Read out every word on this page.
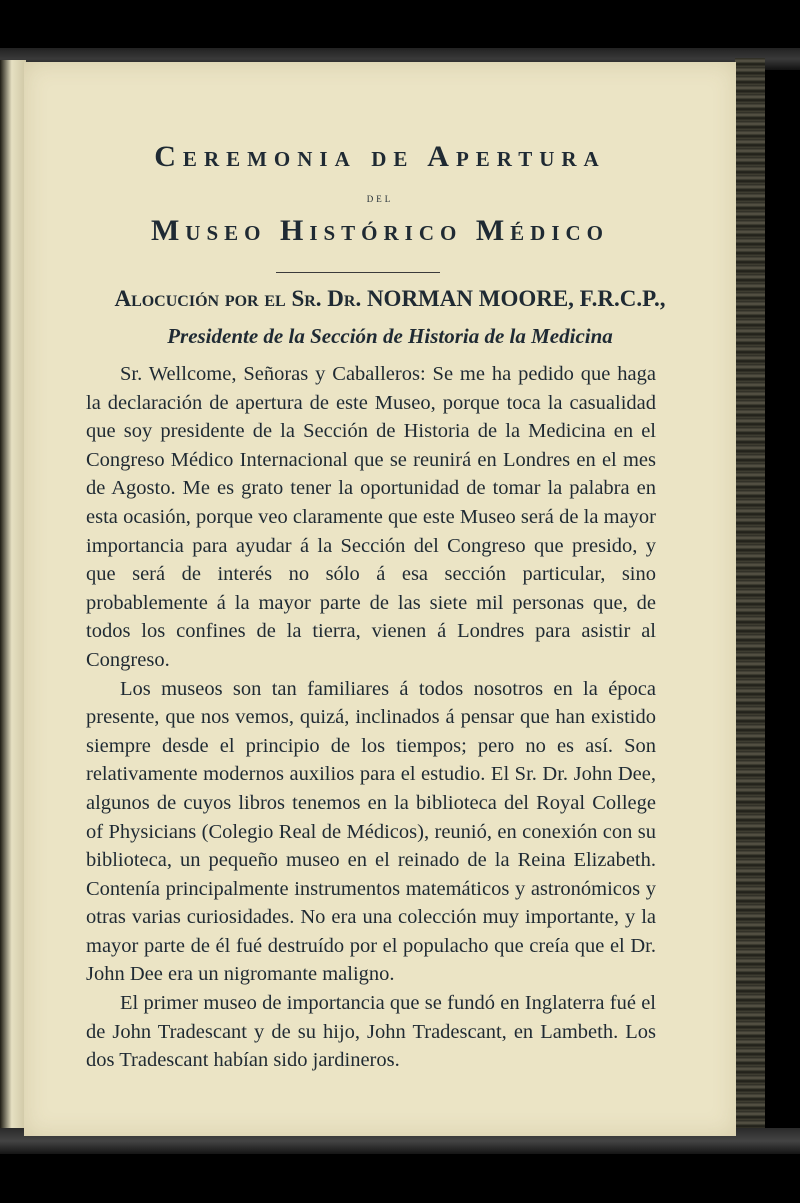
Ceremonia de Apertura
del
Museo Histórico Médico
Alocución por el Sr. Dr. NORMAN MOORE, F.R.C.P.,
Presidente de la Sección de Historia de la Medicina

Sr. Wellcome, Señoras y Caballeros: Se me ha pedido que haga la declaración de apertura de este Museo, porque toca la casualidad que soy presidente de la Sección de Historia de la Medicina en el Congreso Médico Internacional que se reunirá en Londres en el mes de Agosto. Me es grato tener la oportunidad de tomar la palabra en esta ocasión, porque veo claramente que este Museo será de la mayor importancia para ayudar á la Sección del Congreso que presido, y que será de interés no sólo á esa sección particular, sino probablemente á la mayor parte de las siete mil personas que, de todos los confines de la tierra, vienen á Londres para asistir al Congreso.

Los museos son tan familiares á todos nosotros en la época presente, que nos vemos, quizá, inclinados á pensar que han existido siempre desde el principio de los tiempos; pero no es así. Son relativamente modernos auxilios para el estudio. El Sr. Dr. John Dee, algunos de cuyos libros tenemos en la biblioteca del Royal College of Physicians (Colegio Real de Médicos), reunió, en conexión con su biblioteca, un pequeño museo en el reinado de la Reina Elizabeth. Contenía principalmente instrumentos matemáticos y astronómicos y otras varias curiosidades. No era una colección muy importante, y la mayor parte de él fué destruído por el populacho que creía que el Dr. John Dee era un nigromante maligno.

El primer museo de importancia que se fundó en Inglaterra fué el de John Tradescant y de su hijo, John Tradescant, en Lambeth. Los dos Tradescant habían sido jardineros.
